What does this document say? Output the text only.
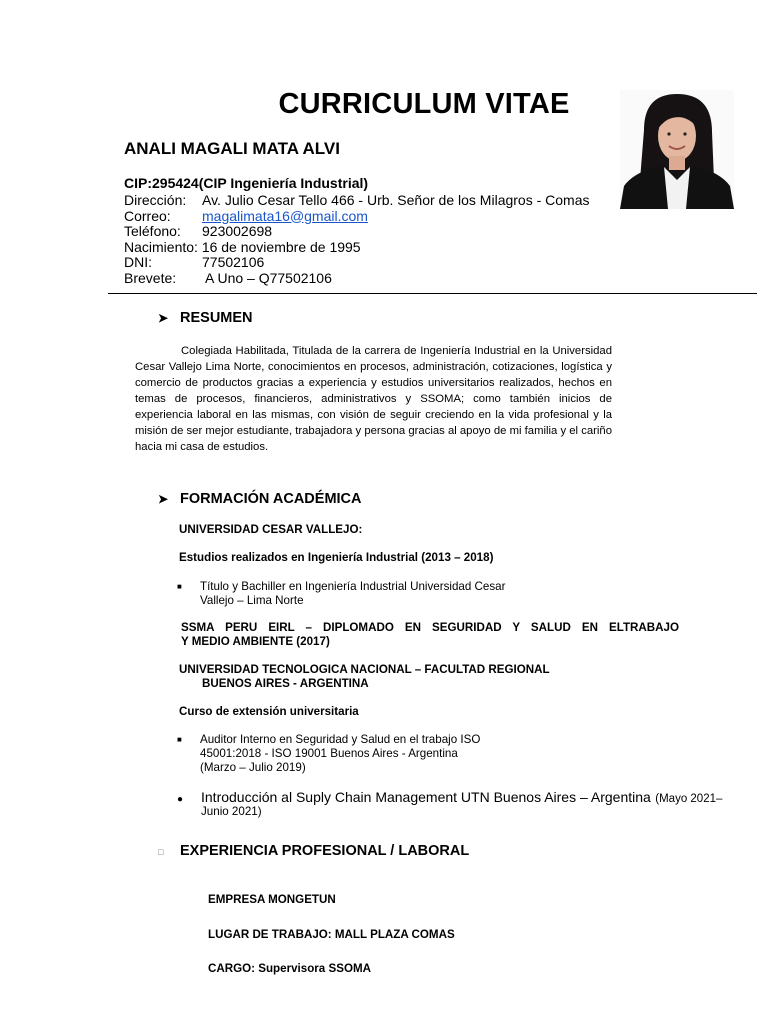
CURRICULUM VITAE
ANALI MAGALI MATA ALVI
CIP:295424(CIP Ingeniería Industrial)
Dirección: Av. Julio Cesar Tello 466 - Urb. Señor de los Milagros - Comas
Correo: magalimata16@gmail.com
Teléfono: 923002698
Nacimiento: 16 de noviembre de 1995
DNI:	77502106
Brevete: A Uno – Q77502106
➤ RESUMEN
Colegiada Habilitada, Titulada de la carrera de Ingeniería Industrial en la Universidad Cesar Vallejo Lima Norte, conocimientos en procesos, administración, cotizaciones, logística y comercio de productos gracias a experiencia y estudios universitarios realizados, hechos en temas de procesos, financieros, administrativos y SSOMA; como también inicios de experiencia laboral en las mismas, con visión de seguir creciendo en la vida profesional y la misión de ser mejor estudiante, trabajadora y persona gracias al apoyo de mi familia y el cariño hacia mi casa de estudios.
➤ FORMACIÓN ACADÉMICA
UNIVERSIDAD CESAR VALLEJO:
Estudios realizados en Ingeniería Industrial (2013 – 2018)
■ Título y Bachiller en Ingeniería Industrial Universidad Cesar
Vallejo – Lima Norte
SSMA PERU EIRL – DIPLOMADO EN SEGURIDAD Y SALUD EN ELTRABAJO
Y MEDIO AMBIENTE (2017)
UNIVERSIDAD TECNOLOGICA NACIONAL – FACULTAD REGIONAL
BUENOS AIRES - ARGENTINA
Curso de extensión universitaria
■ Auditor Interno en Seguridad y Salud en el trabajo ISO
45001:2018 - ISO 19001 Buenos Aires - Argentina
(Marzo – Julio 2019)
● Introducción al Suply Chain Management UTN Buenos Aires – Argentina (Mayo 2021–
Junio 2021)
□ EXPERIENCIA PROFESIONAL / LABORAL
EMPRESA MONGETUN
LUGAR DE TRABAJO: MALL PLAZA COMAS
CARGO: Supervisora SSOMA
